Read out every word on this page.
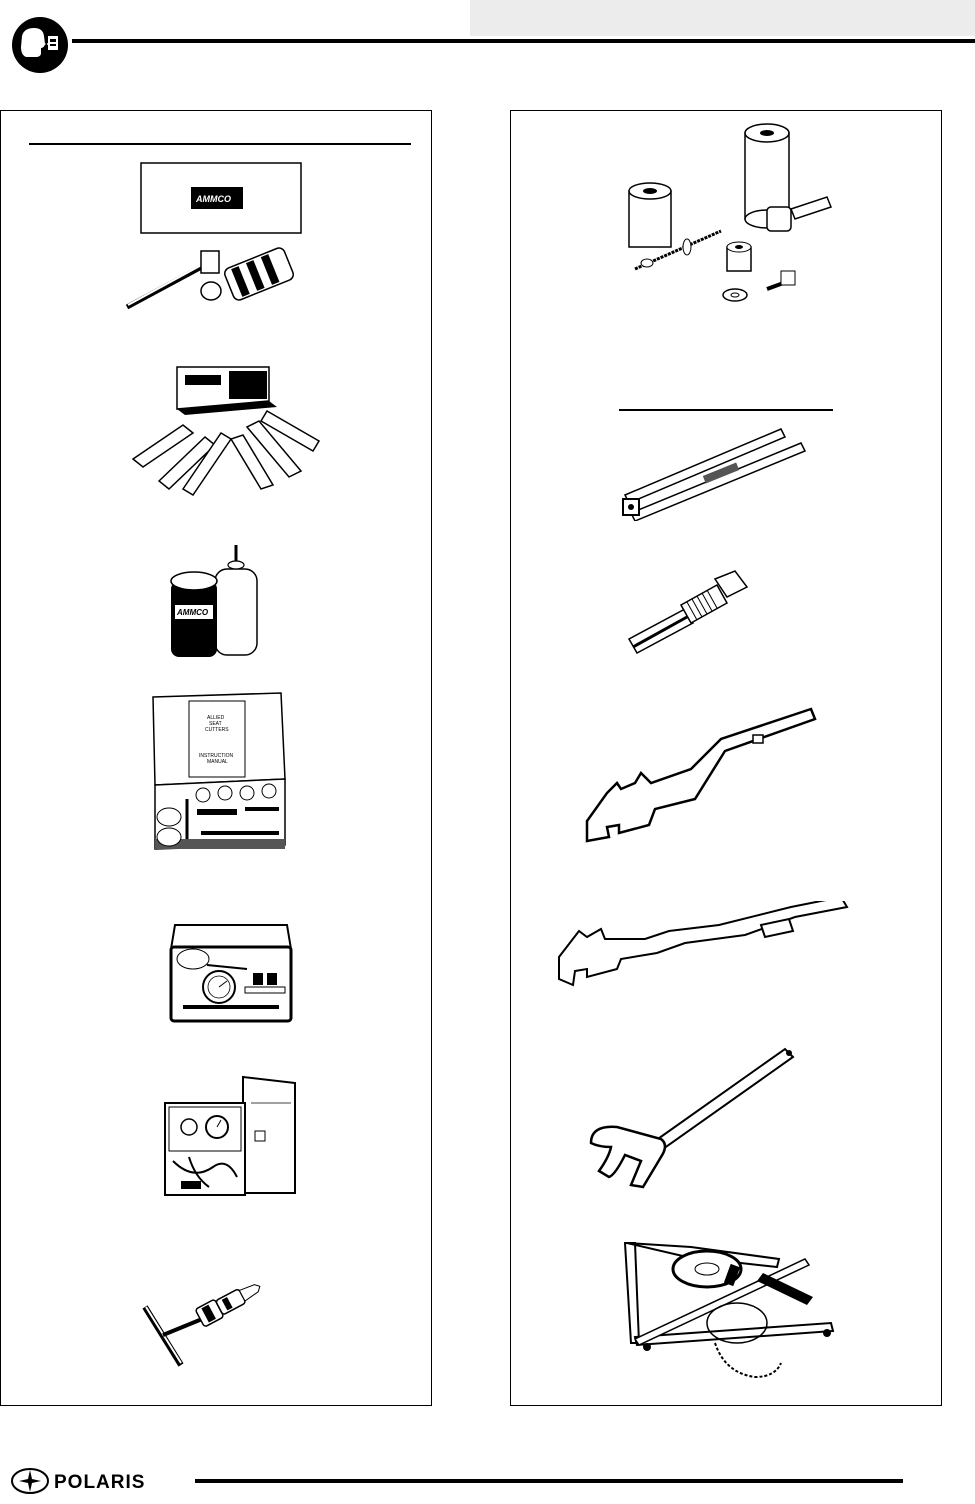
AMMCO
AMMCO
ALLIED
SEAT
CUTTERS
INSTRUCTION
MANUAL
POLARIS
